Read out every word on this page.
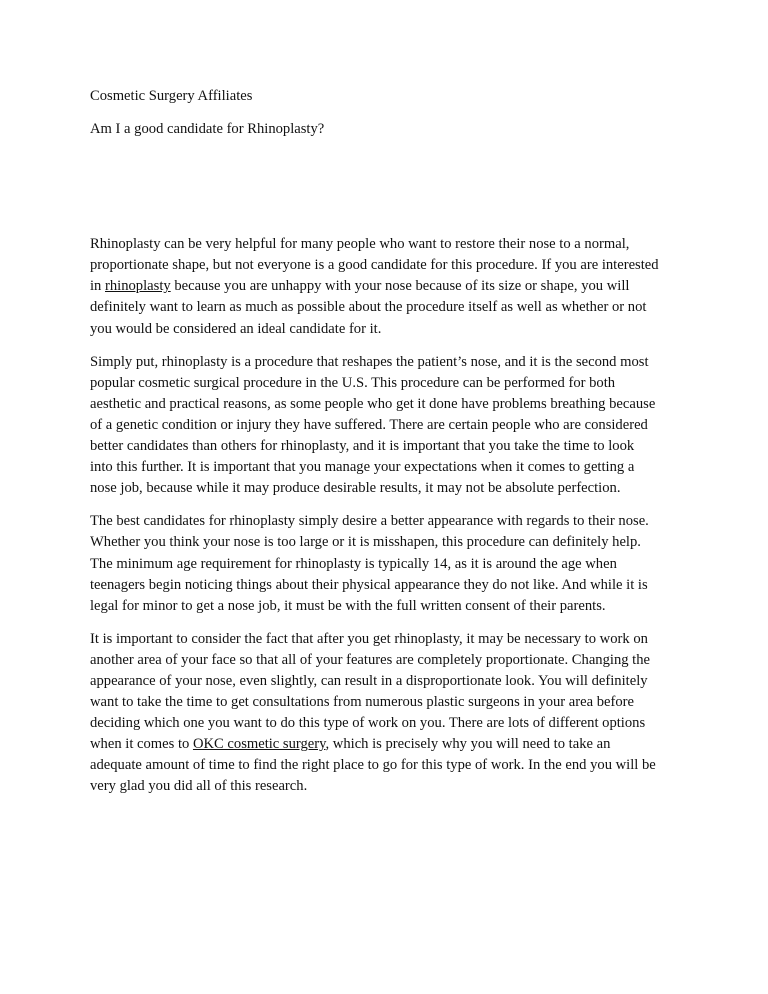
Cosmetic Surgery Affiliates
Am I a good candidate for Rhinoplasty?
Rhinoplasty can be very helpful for many people who want to restore their nose to a normal,
proportionate shape, but not everyone is a good candidate for this procedure. If you are interested
in rhinoplasty because you are unhappy with your nose because of its size or shape, you will
definitely want to learn as much as possible about the procedure itself as well as whether or not
you would be considered an ideal candidate for it.
Simply put, rhinoplasty is a procedure that reshapes the patient’s nose, and it is the second most
popular cosmetic surgical procedure in the U.S. This procedure can be performed for both
aesthetic and practical reasons, as some people who get it done have problems breathing because
of a genetic condition or injury they have suffered. There are certain people who are considered
better candidates than others for rhinoplasty, and it is important that you take the time to look
into this further. It is important that you manage your expectations when it comes to getting a
nose job, because while it may produce desirable results, it may not be absolute perfection.
The best candidates for rhinoplasty simply desire a better appearance with regards to their nose.
Whether you think your nose is too large or it is misshapen, this procedure can definitely help.
The minimum age requirement for rhinoplasty is typically 14, as it is around the age when
teenagers begin noticing things about their physical appearance they do not like. And while it is
legal for minor to get a nose job, it must be with the full written consent of their parents.
It is important to consider the fact that after you get rhinoplasty, it may be necessary to work on
another area of your face so that all of your features are completely proportionate. Changing the
appearance of your nose, even slightly, can result in a disproportionate look. You will definitely
want to take the time to get consultations from numerous plastic surgeons in your area before
deciding which one you want to do this type of work on you. There are lots of different options
when it comes to OKC cosmetic surgery, which is precisely why you will need to take an
adequate amount of time to find the right place to go for this type of work. In the end you will be
very glad you did all of this research.
